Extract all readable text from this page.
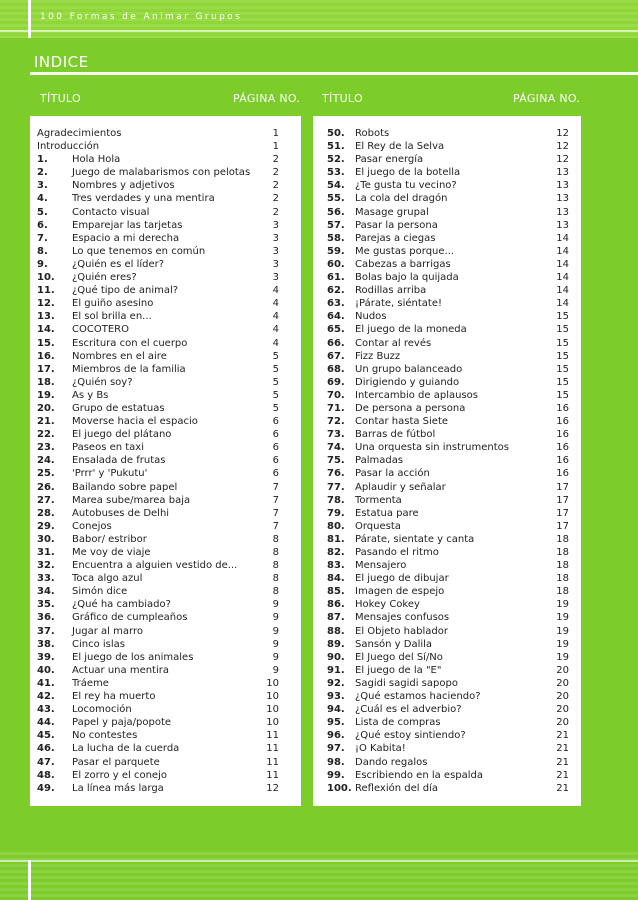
100 Formas de Animar Grupos
INDICE
TÍTULO	PÁGINA NO. TÍTULO	PÁGINA NO.
Agradecimientos	1
Introducción	1
1. Hola Hola	2
2. Juego de malabarismos con pelotas 2
3. Nombres y adjetivos	2
4. Tres verdades y una mentira	2
5. Contacto visual	2
6. Emparejar las tarjetas	3
7. Espacio a mi derecha	3
8. Lo que tenemos en común	3
9. ¿Quién es el líder?	3
10. ¿Quién eres?	3
11. ¿Qué tipo de animal?	4
12. El guiño asesino	4
13. El sol brilla en...	4
14. COCOTERO	4
15. Escritura con el cuerpo	4
16. Nombres en el aire	5
17. Miembros de la familia	5
18. ¿Quién soy?	5
19. As y Bs	5
20. Grupo de estatuas	5
21. Moverse hacia el espacio	6
22. El juego del plátano	6
23. Paseos en taxi	6
24. Ensalada de frutas	6
25. 'Prrr' y 'Pukutu'	6
26. Bailando sobre papel	7
27. Marea sube/marea baja	7
28. Autobuses de Delhi	7
29. Conejos	7
30. Babor/ estribor	8
31. Me voy de viaje	8
32. Encuentra a alguien vestido de...	8
33. Toca algo azul	8
34. Simón dice	8
35. ¿Qué ha cambiado?	9
36. Gráfico de cumpleaños	9
37. Jugar al marro	9
38. Cinco islas	9
39. El juego de los animales	9
40. Actuar una mentira	9
41. Tráeme	10
42. El rey ha muerto	10
43. Locomoción	10
44. Papel y paja/popote	10
45. No contestes	11
46. La lucha de la cuerda	11
47. Pasar el parquete	11
48. El zorro y el conejo	11
49. La línea más larga	12
50. Robots	12
51. El Rey de la Selva	12
52. Pasar energía	12
53. El juego de la botella	13
54. ¿Te gusta tu vecino?	13
55. La cola del dragón	13
56. Masage grupal	13
57. Pasar la persona	13
58. Parejas a ciegas	14
59. Me gustas porque...	14
60. Cabezas a barrigas	14
61. Bolas bajo la quijada	14
62. Rodillas arriba	14
63. ¡Párate, siéntate!	14
64. Nudos	15
65. El juego de la moneda	15
66. Contar al revés	15
67. Fizz Buzz	15
68. Un grupo balanceado	15
69. Dirigiendo y guiando	15
70. Intercambio de aplausos	15
71. De persona a persona	16
72. Contar hasta Siete	16
73. Barras de fútbol	16
74. Una orquesta sin instrumentos	16
75. Palmadas	16
76. Pasar la acción	16
77. Aplaudir y señalar	17
78. Tormenta	17
79. Estatua pare	17
80. Orquesta	17
81. Párate, sientate y canta	18
82. Pasando el ritmo	18
83. Mensajero	18
84. El juego de dibujar	18
85. Imagen de espejo	18
86. Hokey Cokey	19
87. Mensajes confusos	19
88. El Objeto hablador	19
89. Sansón y Dalila	19
90. El Juego del Sí/No	19
91. El juego de la "E"	20
92. Sagidi sagidi sapopo	20
93. ¿Qué estamos haciendo?	20
94. ¿Cuál es el adverbio?	20
95. Lista de compras	20
96. ¿Qué estoy sintiendo?	21
97. ¡O Kabita!	21
98. Dando regalos	21
99. Escribiendo en la espalda	21
100. Reflexión del día	21
